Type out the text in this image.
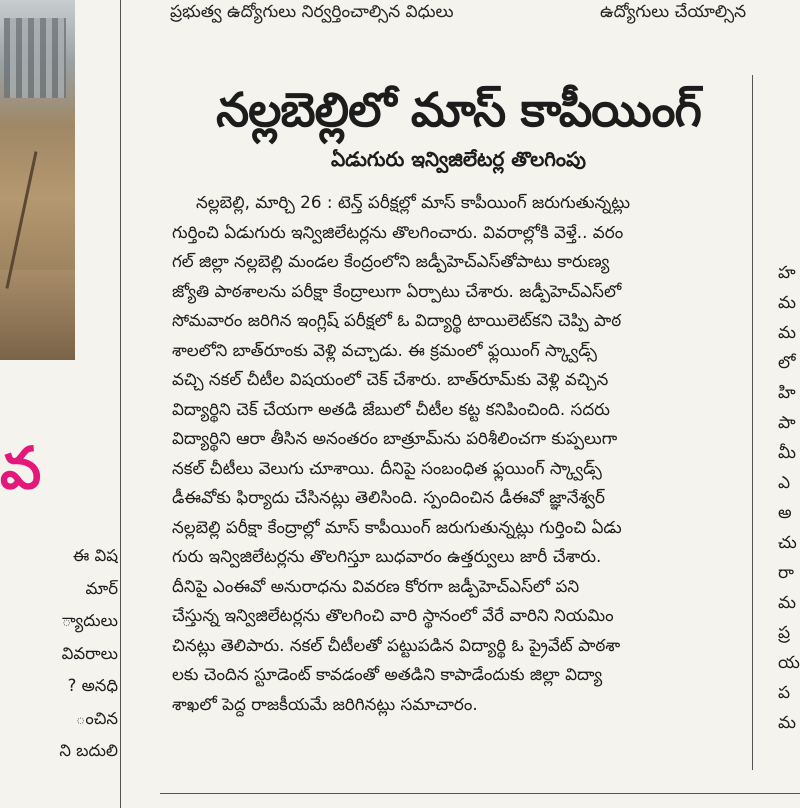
ప్రభుత్వ ఉద్యోగులు నిర్వర్తించాల్సిన విధులు	ఉద్యోగులు చేయాల్సిన
వ
ఈ విష
మార్
్యాదులు
వివరాలు
? అనధి
ంచిన
ని బదులి
నల్లబెల్లిలో మాస్ కాపీయింగ్
ఏడుగురు ఇన్విజిలేటర్ల తొలగింపు
నల్లబెల్లి, మార్చి 26 : టెన్త్ పరీక్షల్లో మాస్ కాపీయింగ్ జరుగుతున్నట్లు
గుర్తించి ఏడుగురు ఇన్విజిలేటర్లను తొలగించారు. వివరాల్లోకి వెళ్తే.. వరం
గల్ జిల్లా నల్లబెల్లి మండల కేంద్రంలోని జడ్పీహెచ్ఎస్‌తోపాటు కారుణ్య
జ్యోతి పాఠశాలను పరీక్షా కేంద్రాలుగా ఏర్పాటు చేశారు. జడ్పీహెచ్ఎస్‌లో
సోమవారం జరిగిన ఇంగ్లిష్ పరీక్షలో ఓ విద్యార్థి టాయిలెట్‌కని చెప్పి పాఠ
శాలలోని బాత్‌రూంకు వెళ్లి వచ్చాడు. ఈ క్రమంలో ఫ్లయింగ్ స్క్వాడ్స్
వచ్చి నకల్ చీటీల విషయంలో చెక్ చేశారు. బాత్‌రూమ్‌కు వెళ్లి వచ్చిన
విద్యార్థిని చెక్ చేయగా అతడి జేబులో చీటీల కట్ట కనిపించింది. సదరు
విద్యార్థిని ఆరా తీసిన అనంతరం బాత్రూమ్‌ను పరిశీలించగా కుప్పలుగా
నకల్ చీటీలు వెలుగు చూశాయి. దీనిపై సంబంధిత ఫ్లయింగ్ స్క్వాడ్స్
డీఈవోకు ఫిర్యాదు చేసినట్లు తెలిసింది. స్పందించిన డీఈవో జ్ఞానేశ్వర్
నల్లబెల్లి పరీక్షా కేంద్రాల్లో మాస్ కాపీయింగ్ జరుగుతున్నట్లు గుర్తించి ఏడు
గురు ఇన్విజిలేటర్లను తొలగిస్తూ బుధవారం ఉత్తర్వులు జారీ చేశారు.
దీనిపై ఎంఈవో అనురాధను వివరణ కోరగా జడ్పీహెచ్ఎస్‌లో పని
చేస్తున్న ఇన్విజిలేటర్లను తొలగించి వారి స్థానంలో వేరే వారిని నియమిం
చినట్లు తెలిపారు. నకల్ చీటీలతో పట్టుపడిన విద్యార్థి ఓ ప్రైవేట్ పాఠశా
లకు చెందిన స్టూడెంట్ కావడంతో అతడిని కాపాడేందుకు జిల్లా విద్యా
శాఖలో పెద్ద రాజకీయమే జరిగినట్లు సమాచారం.
హ
మ
మ
లో
హి
పా
మీ
ఎ
అ
చు
రా
మ
ప్ర
య
ప
మ
